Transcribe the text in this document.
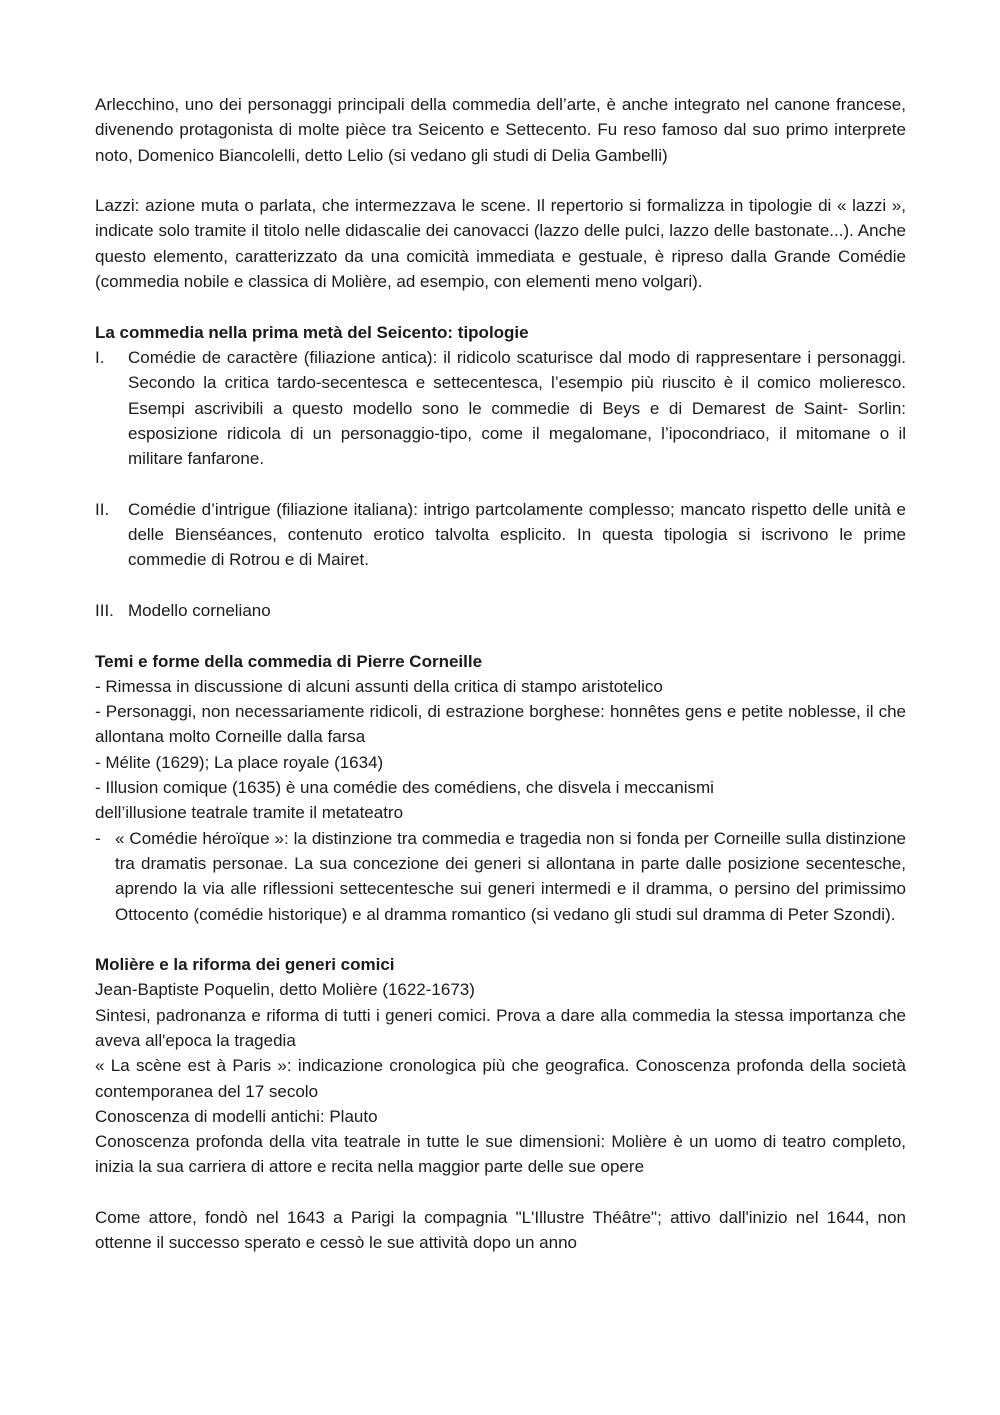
Arlecchino, uno dei personaggi principali della commedia dell’arte, è anche integrato nel canone francese, divenendo protagonista di molte pièce tra Seicento e Settecento. Fu reso famoso dal suo primo interprete noto, Domenico Biancolelli, detto Lelio (si vedano gli studi di Delia Gambelli)

Lazzi: azione muta o parlata, che intermezzava le scene. Il repertorio si formalizza in tipologie di « lazzi », indicate solo tramite il titolo nelle didascalie dei canovacci (lazzo delle pulci, lazzo delle bastonate...). Anche questo elemento, caratterizzato da una comicità immediata e gestuale, è ripreso dalla Grande Comédie (commedia nobile e classica di Molière, ad esempio, con elementi meno volgari).

La commedia nella prima metà del Seicento: tipologie

I.	Comédie de caractère (filiazione antica): il ridicolo scaturisce dal modo di rappresentare i personaggi. Secondo la critica tardo-secentesca e settecentesca, l’esempio più riuscito è il comico molieresco. Esempi ascrivibili a questo modello sono le commedie di Beys e di Demarest de Saint- Sorlin: esposizione ridicola di un personaggio-tipo, come il megalomane, l’ipocondriaco, il mitomane o il militare fanfarone.
II.	Comédie d’intrigue (filiazione italiana): intrigo partcolamente complesso; mancato rispetto delle unità e delle Bienséances, contenuto erotico talvolta esplicito. In questa tipologia si iscrivono le prime commedie di Rotrou e di Mairet.
III. Modello corneliano

Temi e forme della commedia di Pierre Corneille

- Rimessa in discussione di alcuni assunti della critica di stampo aristotelico

- Personaggi, non necessariamente ridicoli, di estrazione borghese: honnêtes gens e petite noblesse, il che allontana molto Corneille dalla farsa

- Mélite (1629); La place royale (1634)

- Illusion comique (1635) è una comédie des comédiens, che disvela i meccanismi

dell’illusione teatrale tramite il metateatro

- « Comédie héroïque »: la distinzione tra commedia e tragedia non si fonda per Corneille sulla distinzione tra dramatis personae. La sua concezione dei generi si allontana in parte dalle posizione secentesche, aprendo la via alle riflessioni settecentesche sui generi intermedi e il dramma, o persino del primissimo Ottocento (comédie historique) e al dramma romantico (si vedano gli studi sul dramma di Peter Szondi).

Molière e la riforma dei generi comici

Jean-Baptiste Poquelin, detto Molière (1622-1673)

Sintesi, padronanza e riforma di tutti i generi comici. Prova a dare alla commedia la stessa importanza che aveva all'epoca la tragedia

« La scène est à Paris »: indicazione cronologica più che geografica. Conoscenza profonda della società contemporanea del 17 secolo

Conoscenza di modelli antichi: Plauto

Conoscenza profonda della vita teatrale in tutte le sue dimensioni: Molière è un uomo di teatro completo, inizia la sua carriera di attore e recita nella maggior parte delle sue opere

Come attore, fondò nel 1643 a Parigi la compagnia "L'Illustre Théâtre"; attivo dall'inizio nel 1644, non ottenne il successo sperato e cessò le sue attività dopo un anno
